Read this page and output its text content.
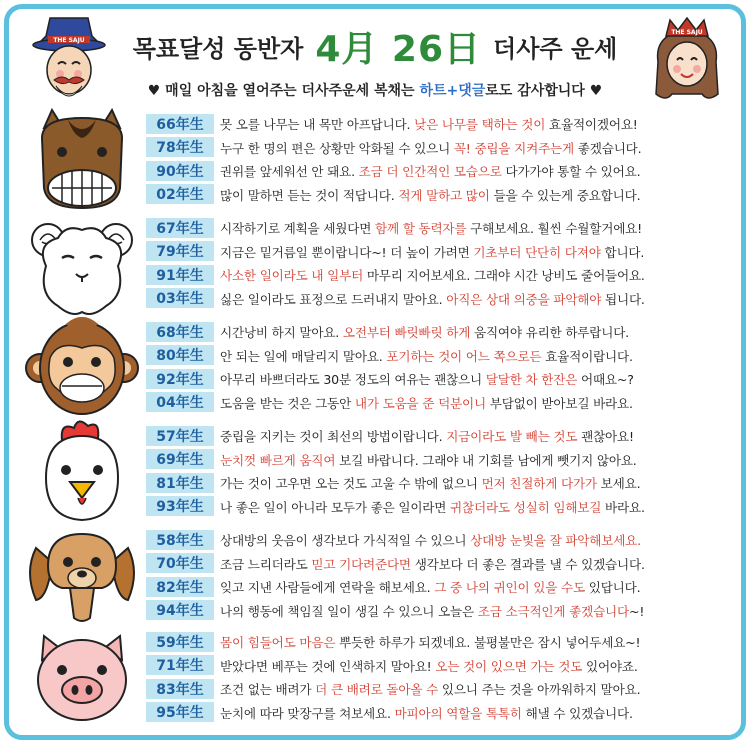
THE SAJU 목표달성 동반자 4月 26日 더사주 운세
THE SAJU
♥ 매일 아침을 열어주는 더사주운세 복채는 하트+댓글로도 감사합니다 ♥
66年生	못 오를 나무는 내 목만 아프답니다. 낮은 나무를 택하는 것이 효율적이겠어요!
78年生	누구 한 명의 편은 상황만 악화될 수 있으니 꼭! 중립을 지켜주는게 좋겠습니다.
90年生	권위를 앞세워선 안 돼요. 조금 더 인간적인 모습으로 다가가야 통할 수 있어요.
02年生	많이 말하면 듣는 것이 적답니다. 적게 말하고 많이 들을 수 있는게 중요합니다.
67年生	시작하기로 계획을 세웠다면 함께 할 동력자를 구해보세요. 훨씬 수월할거에요!
79年生	지금은 밑거름일 뿐이랍니다~! 더 높이 가려면 기초부터 단단히 다져야 합니다.
91年生	사소한 일이라도 내 일부터 마무리 지어보세요. 그래야 시간 낭비도 줄어들어요.
03年生	싫은 일이라도 표정으로 드러내지 말아요. 아직은 상대 의중을 파악해야 됩니다.
68年生	시간낭비 하지 말아요. 오전부터 빠릿빠릿 하게 움직여야 유리한 하루랍니다.
80年生	안 되는 일에 매달리지 말아요. 포기하는 것이 어느 쪽으로든 효율적이랍니다.
92年生	아무리 바쁘더라도 30분 정도의 여유는 괜찮으니 달달한 차 한잔은 어때요~?
04年生	도움을 받는 것은 그동안 내가 도움을 준 덕분이니 부담없이 받아보길 바라요.
57年生	중립을 지키는 것이 최선의 방법이랍니다. 지금이라도 발 빼는 것도 괜찮아요!
69年生	눈치껏 빠르게 움직여 보길 바랍니다. 그래야 내 기회를 남에게 뺏기지 않아요.
81年生	가는 것이 고우면 오는 것도 고울 수 밖에 없으니 먼저 친절하게 다가가 보세요.
93年生	나 좋은 일이 아니라 모두가 좋은 일이라면 귀찮더라도 성실히 임해보길 바라요.
58年生	상대방의 웃음이 생각보다 가식적일 수 있으니 상대방 눈빛을 잘 파악해보세요.
70年生	조금 느리더라도 믿고 기다려준다면 생각보다 더 좋은 결과를 낼 수 있겠습니다.
82年生	잊고 지낸 사람들에게 연락을 해보세요. 그 중 나의 귀인이 있을 수도 있답니다.
94年生	나의 행동에 책임질 일이 생길 수 있으니 오늘은 조금 소극적인게 좋겠습니다~!
59年生	몸이 힘들어도 마음은 뿌듯한 하루가 되겠네요. 불평불만은 잠시 넣어두세요~!
71年生	받았다면 베푸는 것에 인색하지 말아요! 오는 것이 있으면 가는 것도 있어야죠.
83年生	조건 없는 배려가 더 큰 배려로 돌아올 수 있으니 주는 것을 아까워하지 말아요.
95年生	눈치에 따라 맞장구를 쳐보세요. 마피아의 역할을 톡톡히 해낼 수 있겠습니다.
